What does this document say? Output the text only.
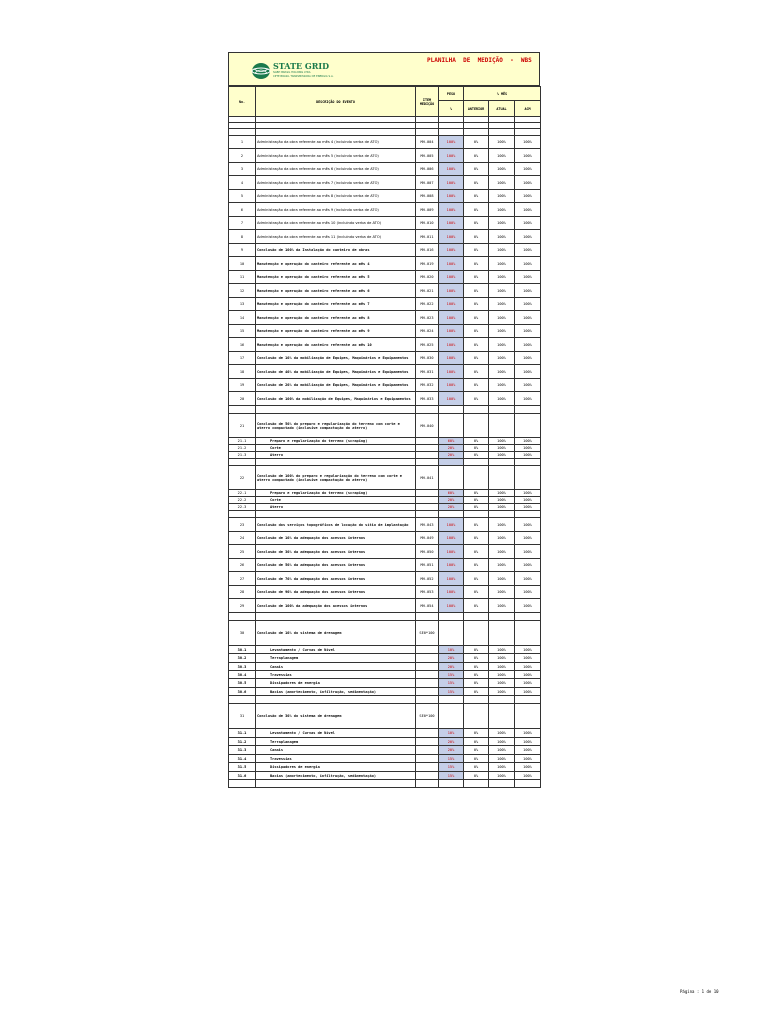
STATE GRID
SGBH BRASIL HOLDING LTDA
CPTE BRASIL TRANSMISSORA DE ENERGIA S.A.
PLANILHA  DE  MEDIÇÃO  -  WBS
No.	DESCRIÇÃO DO EVENTO	ITEM MEDIÇÃO	PESO	% MÊS		
			%	ANTERIOR	ATUAL	ACM

1	Administração da obra referente ao mês 4 (incluindo verba de ATO)	MH-004	100%	0%	100%	100%
2	Administração da obra referente ao mês 5 (incluindo verba de ATO)	MH-005	100%	0%	100%	100%
3	Administração da obra referente ao mês 6 (incluindo verba de ATO)	MH-006	100%	0%	100%	100%
4	Administração da obra referente ao mês 7 (incluindo verba de ATO)	MH-007	100%	0%	100%	100%
5	Administração da obra referente ao mês 8 (incluindo verba de ATO)	MH-008	100%	0%	100%	100%
6	Administração da obra referente ao mês 9 (incluindo verba de ATO)	MH-009	100%	0%	100%	100%
7	Administração da obra referente ao mês 10 (incluindo verba de ATO)	MH-010	100%	0%	100%	100%
8	Administração da obra referente ao mês 11 (incluindo verba de ATO)	MH-011	100%	0%	100%	100%
9	Conclusão de 100% da Instalação do canteiro de obras	MH-016	100%	0%	100%	100%
10	Manutenção e operação do canteiro referente ao mês 4	MH-019	100%	0%	100%	100%
11	Manutenção e operação do canteiro referente ao mês 5	MH-020	100%	0%	100%	100%
12	Manutenção e operação do canteiro referente ao mês 6	MH-021	100%	0%	100%	100%
13	Manutenção e operação do canteiro referente ao mês 7	MH-022	100%	0%	100%	100%
14	Manutenção e operação do canteiro referente ao mês 8	MH-023	100%	0%	100%	100%
15	Manutenção e operação do canteiro referente ao mês 9	MH-024	100%	0%	100%	100%
16	Manutenção e operação do canteiro referente ao mês 10	MH-025	100%	0%	100%	100%
17	Conclusão de 10% da mobilização de Equipes, Maquinários e Equipamentos	MH-030	100%	0%	100%	100%
18	Conclusão de 40% da mobilização de Equipes, Maquinários e Equipamentos	MH-031	100%	0%	100%	100%
19	Conclusão de 20% da mobilização de Equipes, Maquinários e Equipamentos	MH-032	100%	0%	100%	100%
20	Conclusão de 100% da mobilização de Equipes, Maquinários e Equipamentos	MH-033	100%	0%	100%	100%

21	Conclusão de 50% do preparo e regularização do terreno com corte e aterro compactado (inclusive compactação do aterro)	MH-040				
21.1	Preparo e regularização do terreno (scraping)		60%	0%	100%	100%
21.2	Corte		20%	0%	100%	100%
21.3	Aterro		20%	0%	100%	100%

22	Conclusão de 100% do preparo e regularização do terreno com corte e aterro compactado (inclusive compactação do aterro)	MH-041				
22.1	Preparo e regularização do terreno (scraping)		60%	0%	100%	100%
22.2	Corte		20%	0%	100%	100%
22.3	Aterro		20%	0%	100%	100%

23	Conclusão dos serviços topográficos de locação do sítio de implantação	MH-043	100%	0%	100%	100%
24	Conclusão de 10% da adequação dos acessos internos	MH-049	100%	0%	100%	100%
25	Conclusão de 30% da adequação dos acessos internos	MH-050	100%	0%	100%	100%
26	Conclusão de 50% da adequação dos acessos internos	MH-051	100%	0%	100%	100%
27	Conclusão de 70% da adequação dos acessos internos	MH-052	100%	0%	100%	100%
28	Conclusão de 90% da adequação dos acessos internos	MH-053	100%	0%	100%	100%
29	Conclusão de 100% da adequação dos acessos internos	MH-054	100%	0%	100%	100%

30	Conclusão de 10% do sistema de drenagem	SE0*100				
30.1	Levantamento / Curvas de Nível		10%	0%	100%	100%
30.2	Terraplanagem		20%	0%	100%	100%
30.3	Canais		20%	0%	100%	100%
30.4	Travessias		15%	0%	100%	100%
30.5	Dissipadores de energia		15%	0%	100%	100%
30.6	Bacias (amortecimento, infiltração, sedimentação)		15%	0%	100%	100%

31	Conclusão de 30% do sistema de drenagem	SE0*100				
31.1	Levantamento / Curvas de Nível		10%	0%	100%	100%
31.2	Terraplanagem		20%	0%	100%	100%
31.3	Canais		20%	0%	100%	100%
31.4	Travessias		15%	0%	100%	100%
31.5	Dissipadores de energia		15%	0%	100%	100%
31.6	Bacias (amortecimento, infiltração, sedimentação)		15%	0%	100%	100%

Página : 1 de 10
